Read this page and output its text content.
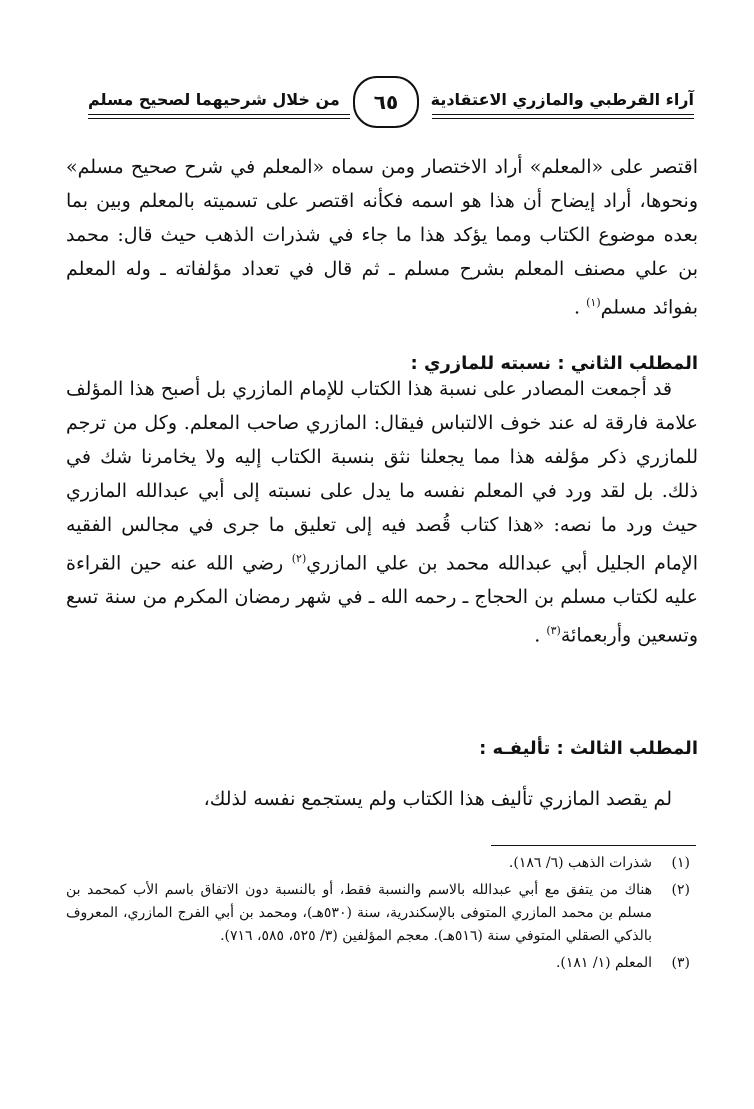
آراء القرطبي والمازري الاعتقادية
من خلال شرحيهما لصحيح مسلم	٦٥
اقتصر على «المعلم» أراد الاختصار ومن سماه «المعلم في شرح صحيح مسلم» ونحوها، أراد إيضاح أن هذا هو اسمه فكأنه اقتصر على تسميته بالمعلم وبين بما بعده موضوع الكتاب ومما يؤكد هذا ما جاء في شذرات الذهب حيث قال: محمد بن علي مصنف المعلم بشرح مسلم ـ ثم قال في تعداد مؤلفاته ـ وله المعلم بفوائد مسلم$^{(١)}$ .
المطلب الثاني : نسبته للمازري :
قد أجمعت المصادر على نسبة هذا الكتاب للإمام المازري بل أصبح هذا المؤلف علامة فارقة له عند خوف الالتباس فيقال: المازري صاحب المعلم. وكل من ترجم للمازري ذكر مؤلفه هذا مما يجعلنا نثق بنسبة الكتاب إليه ولا يخامرنا شك في ذلك. بل لقد ورد في المعلم نفسه ما يدل على نسبته إلى أبي عبدالله المازري حيث ورد ما نصه: «هذا كتاب قُصد فيه إلى تعليق ما جرى في مجالس الفقيه الإمام الجليل أبي عبدالله محمد بن علي المازري$^{(٢)}$ رضي الله عنه حين القراءة عليه لكتاب مسلم بن الحجاج ـ رحمه الله ـ في شهر رمضان المكرم من سنة تسع وتسعين وأربعمائة$^{(٣)}$ .
المطلب الثالث : تأليفـه :
لم يقصد المازري تأليف هذا الكتاب ولم يستجمع نفسه لذلك،
(١)
شذرات الذهب (٦/ ١٨٦).
(٢)
هناك من يتفق مع أبي عبدالله بالاسم والنسبة فقط، أو بالنسبة دون الاتفاق باسم الأب كمحمد بن مسلم بن محمد المازري المتوفى بالإسكندرية، سنة (٥٣٠هـ)، ومحمد بن أبي الفرج المازري، المعروف بالذكي الصقلي المتوفي سنة (٥١٦هـ). معجم المؤلفين (٣/ ٥٢٥، ٥٨٥، ٧١٦).
(٣)
المعلم (١/ ١٨١).
